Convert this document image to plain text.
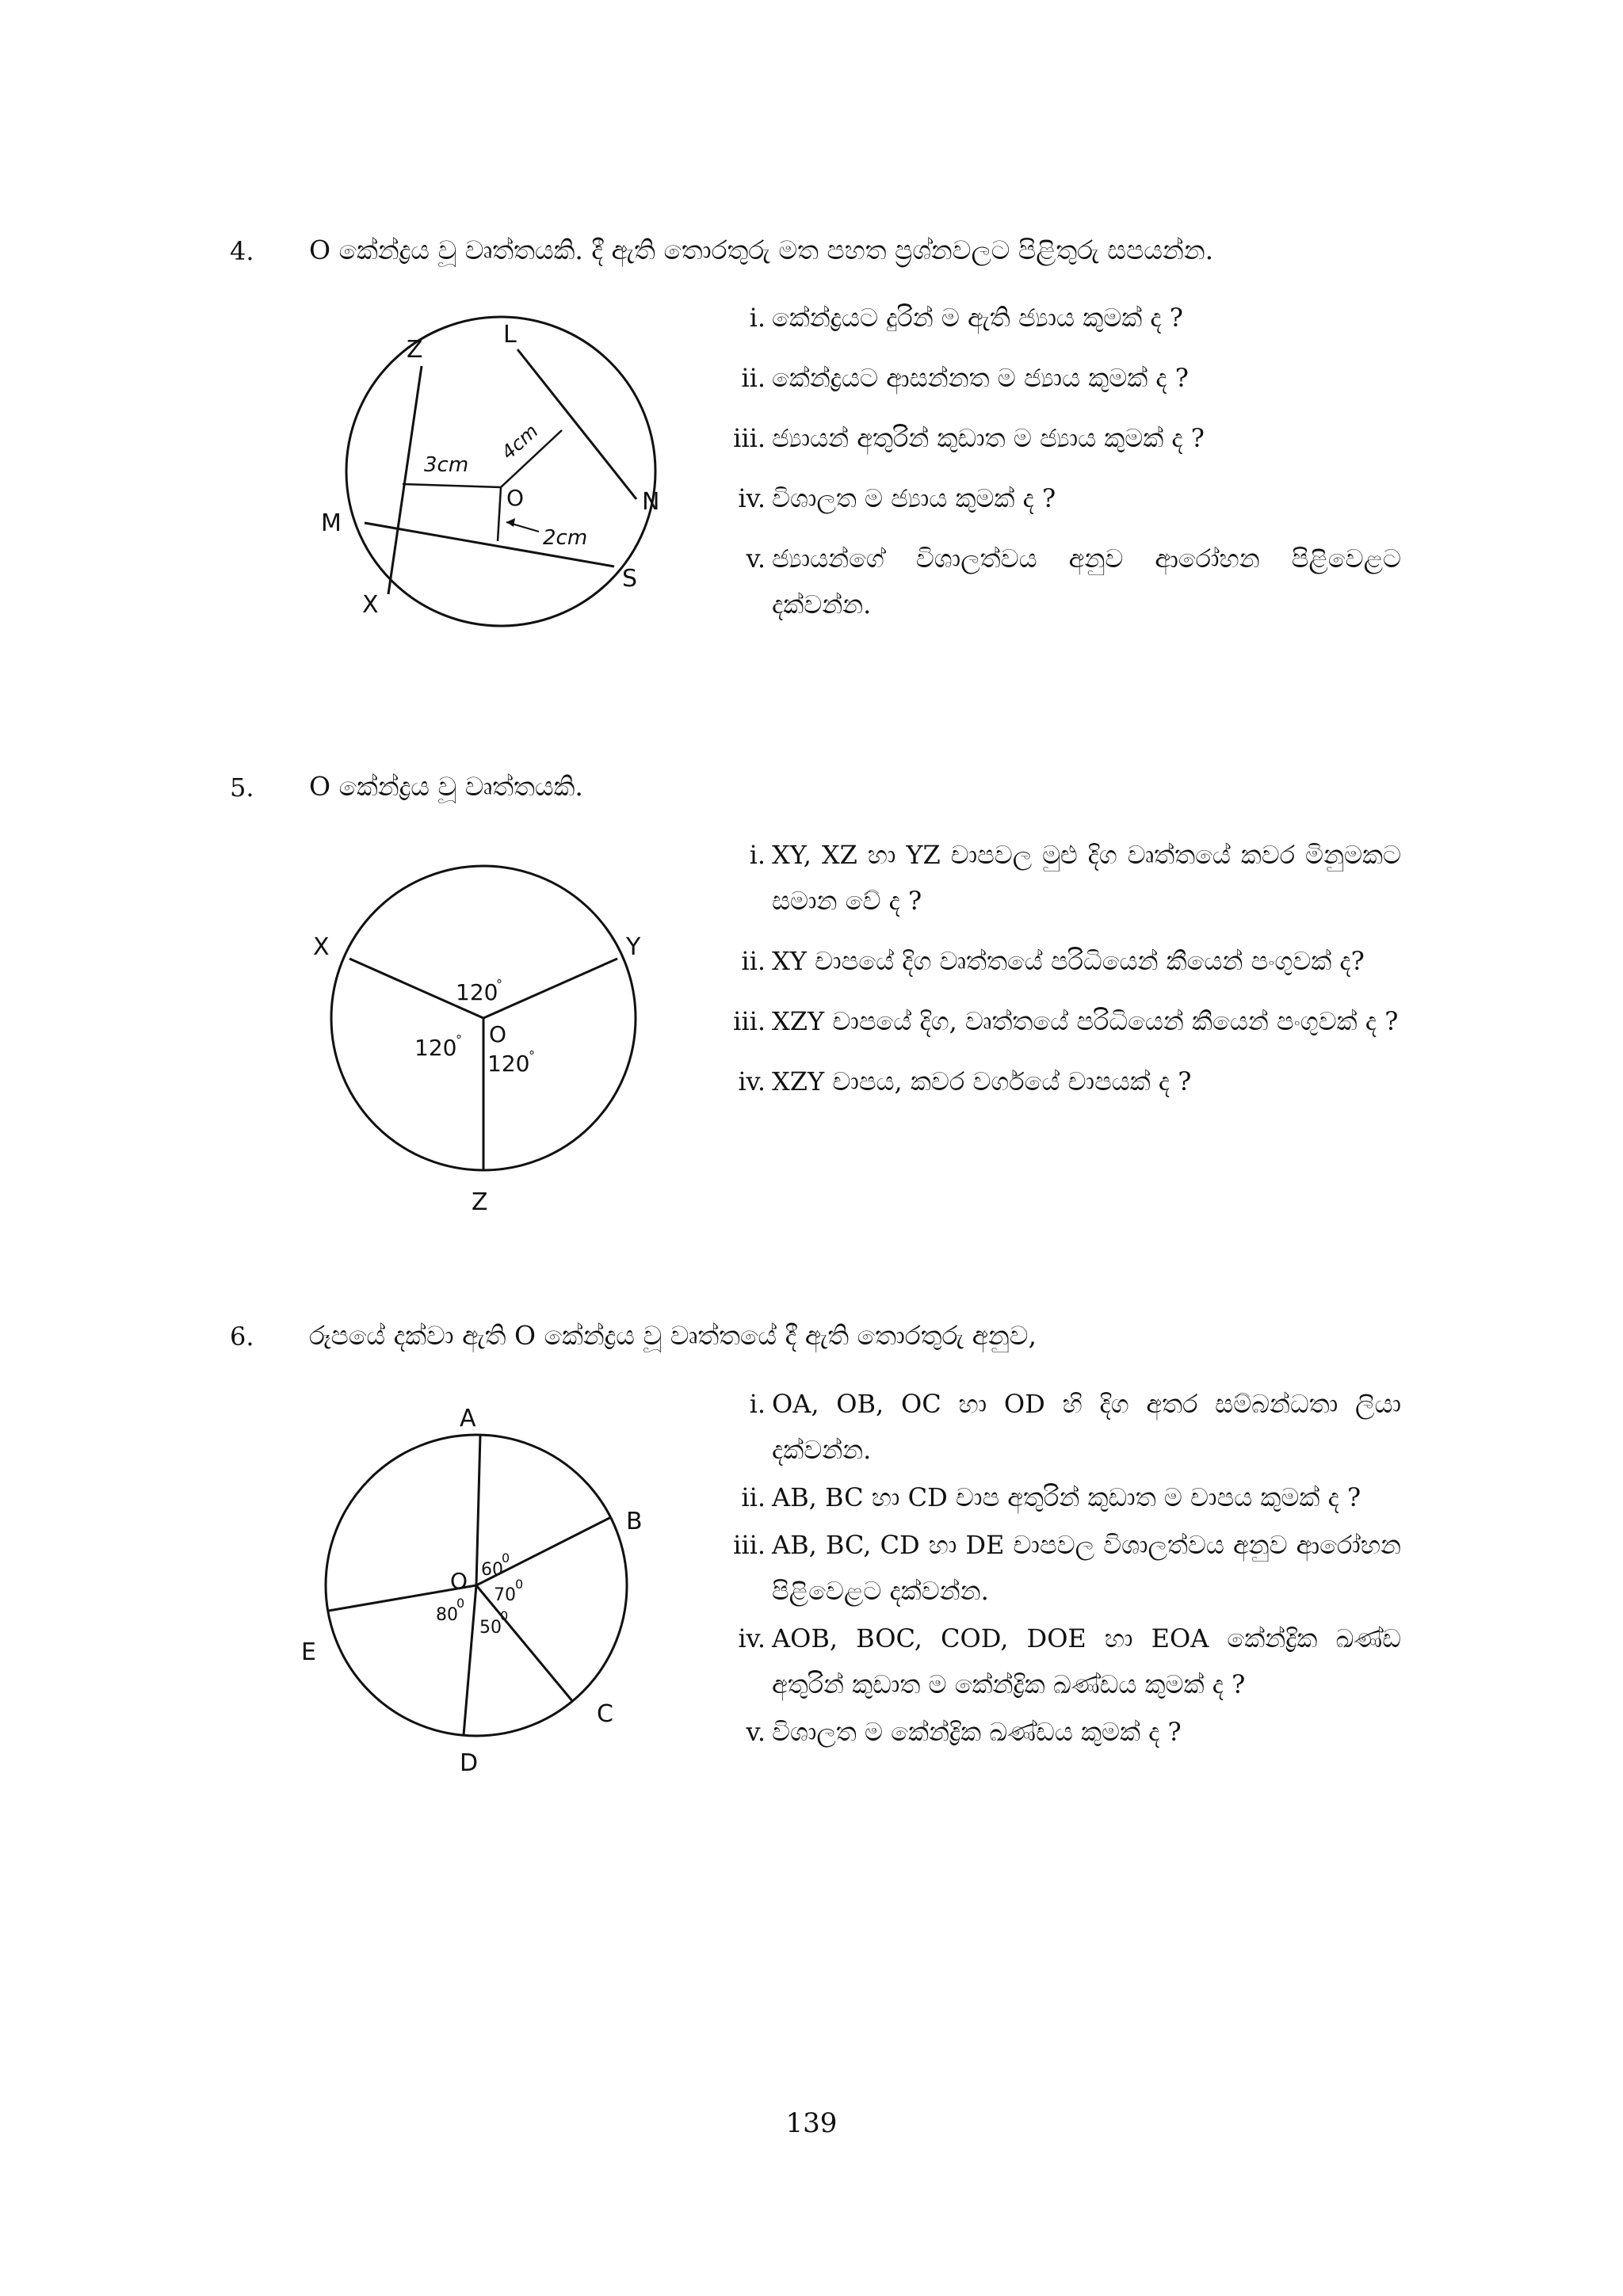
4. O කේන්ද්‍රය වූ වෘත්තයකි. දී ඇති තොරතුරු මත පහත ප්‍රශ්නවලට පිළිතුරු සපයන්න.
Z
L
M
N
X
S
O
3cm
4cm
2cm
i. කේන්ද්‍රයට දුරින් ම ඇති ජ්‍යාය කුමක් ද ?
ii. කේන්ද්‍රයට ආසන්නත ම ජ්‍යාය කුමක් ද ?
iii. ජ්‍යායන් අතුරින් කුඩාත ම ජ්‍යාය කුමක් ද ?
iv. විශාලත ම ජ්‍යාය කුමක් ද ?
v. ජ්‍යායන්ගේ විශාලත්වය අනුව ආරෝහන පිළිවෙළට දක්වන්න.
5. O කේන්ද්‍රය වූ වෘත්තයකි.
X	Y
Z
O
120
°
120
°
120
°
i. XY, XZ හා YZ චාපවල මුළු දිග වෘත්තයේ කවර මිනුමකට සමාන වේ ද ?
ii. XY චාපයේ දිග වෘත්තයේ පරිධියෙන් කීයෙන් පංගුවක් ද?
iii. XZY චාපයේ දිග, වෘත්තයේ පරිධියෙන් කීයෙන් පංගුවක් ද ?
iv. XZY චාපය, කවර වර්ගයේ චාපයක් ද ?
6. රූපයේ දක්වා ඇති O කේන්ද්‍රය වූ වෘත්තයේ දී ඇති තොරතුරු අනුව,
A
B
C
D
E
O 60
0
70
0
50
0
80
0
i. OA, OB, OC හා OD හි දිග අතර සම්බන්ධතා ලියා දක්වන්න.
ii. AB, BC හා CD චාප අතුරින් කුඩාත ම චාපය කුමක් ද ?
iii. AB, BC, CD හා DE චාපවල විශාලත්වය අනුව ආරෝහන පිළිවෙළට දක්වන්න.
iv. AOB, BOC, COD, DOE හා EOA කේන්ද්‍රික ඛණ්ඩ අතුරින් කුඩාත ම කේන්ද්‍රික ඛණ්ඩය කුමක් ද ?
v. විශාලත ම කේන්ද්‍රික ඛණ්ඩය කුමක් ද ?
139
